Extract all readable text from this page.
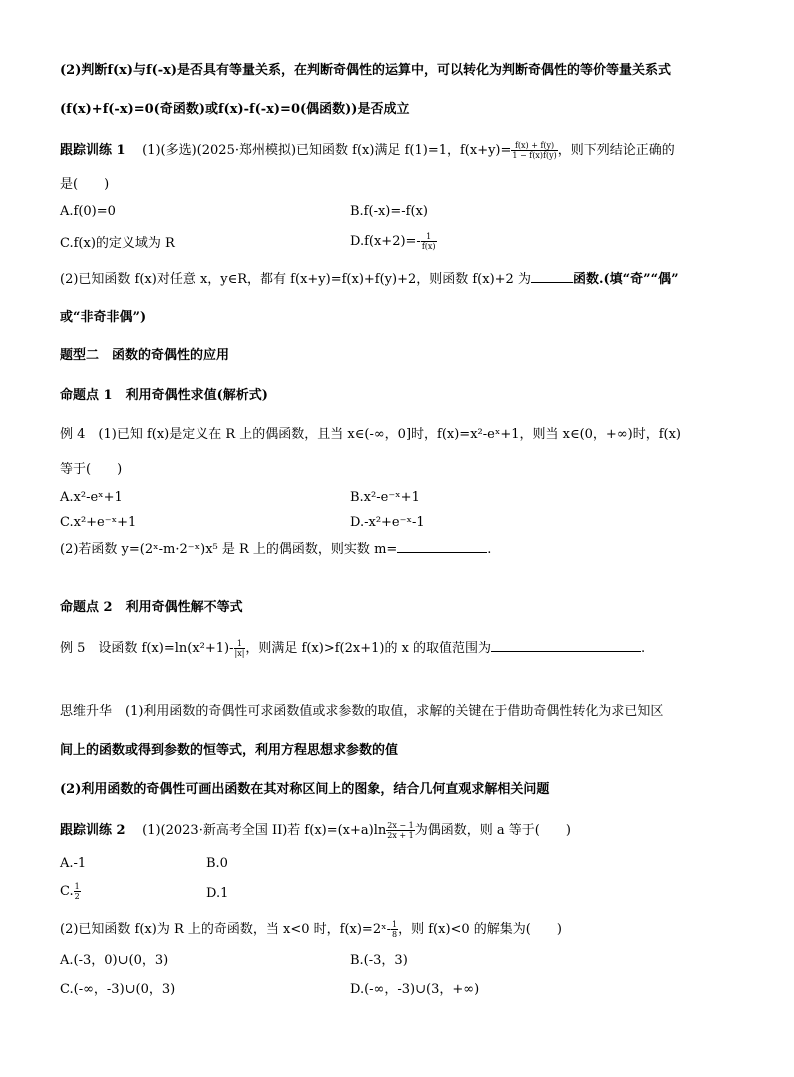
(2)判断f(x)与f(-x)是否具有等量关系，在判断奇偶性的运算中，可以转化为判断奇偶性的等价等量关系式
(f(x)+f(-x)=0(奇函数)或f(x)-f(-x)=0(偶函数))是否成立
跟踪训练 1 (1)(多选)(2025·郑州模拟)已知函数 f(x)满足 f(1)=1，$f(x+y)= \frac{f(x) + f(y)}{1 - f(x)f(y)}$ ，则下列结论正确的
是(　　)
A.f(0)=0	B.f(-x)=-f(x)
C.f(x)的定义域为 R	$D.f(x+2)=- \frac{1}{f(x)}$
(2)已知函数 f(x)对任意 x，y∈R，都有 f(x+y)=f(x)+f(y)+2，则函数 f(x)+2 为	函数.(填“奇”“偶”
或“非奇非偶”)
题型二　函数的奇偶性的应用
命题点 1　利用奇偶性求值(解析式)
例 4　(1)已知 f(x)是定义在 R 上的偶函数，且当 x∈(-∞，0]时，f(x)=x²-eˣ+1，则当 x∈(0，+∞)时，f(x)
等于(　　)
A.x²-eˣ+1	B.x²-e⁻ˣ+1
C.x²+e⁻ˣ+1	D.-x²+e⁻ˣ-1
(2)若函数 y=(2ˣ-m·2⁻ˣ)x⁵ 是 R 上的偶函数，则实数 m=	.
命题点 2　利用奇偶性解不等式
例 5　设函数 $f(x)=\ln(x^2+1)- \frac{1}{|x|}$ ，则满足 f(x)>f(2x+1)的 x 的取值范围为	.
思维升华　(1)利用函数的奇偶性可求函数值或求参数的取值，求解的关键在于借助奇偶性转化为求已知区
间上的函数或得到参数的恒等式，利用方程思想求参数的值
(2)利用函数的奇偶性可画出函数在其对称区间上的图象，结合几何直观求解相关问题
跟踪训练 2 (1)(2023·新高考全国 II)若 $f(x)=(x+a)\ln \frac{2x - 1}{2x + 1}$ 为偶函数，则 a 等于(　　)
A.-1	B.0
C. $\frac{1}{2}$	D.1
(2)已知函数 f(x)为 R 上的奇函数，当 x<0 时，f(x)=2ˣ- $\frac{1}{8}$ ，则 f(x)<0 的解集为(　　)
A.(-3，0)∪(0，3)	B.(-3，3)
C.(-∞，-3)∪(0，3)	D.(-∞，-3)∪(3，+∞)
